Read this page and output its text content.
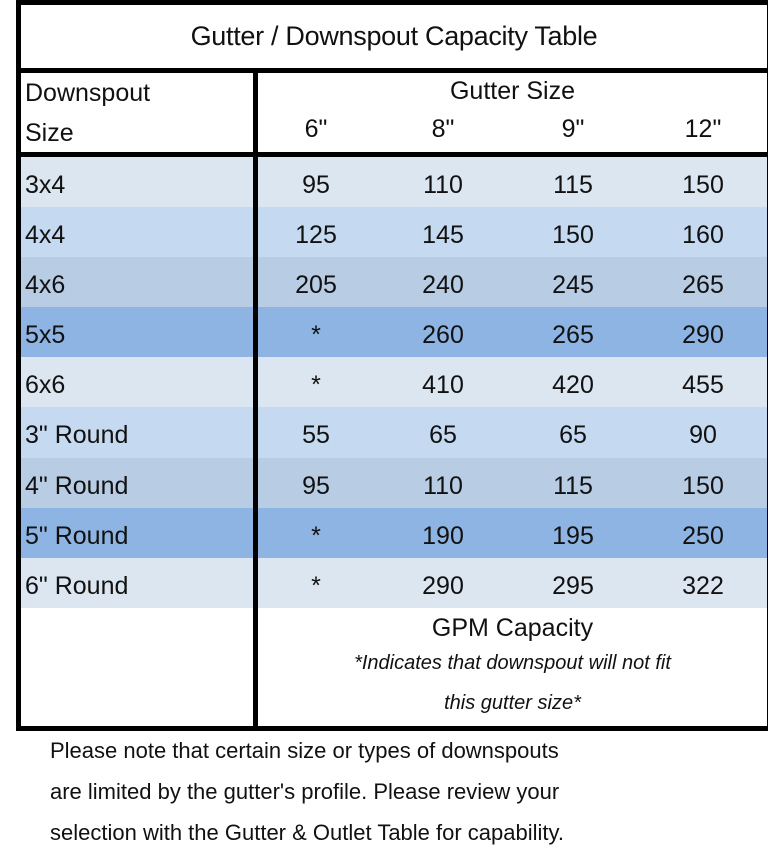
Gutter / Downspout Capacity Table
Downspout
Size
Gutter Size
6"	8"	9"	12"
3x4	95	110	115	150
4x4	125	145	150	160
4x6	205	240	245	265
5x5	*	260	265	290
6x6	*	410	420	455
3" Round	55	65	65	90
4" Round	95	110	115	150
5" Round	*	190	195	250
6" Round	*	290	295	322
GPM Capacity
*Indicates that downspout will not fit
this gutter size*
Please note that certain size or types of downspouts
are limited by the gutter's profile. Please review your
selection with the Gutter & Outlet Table for capability.
